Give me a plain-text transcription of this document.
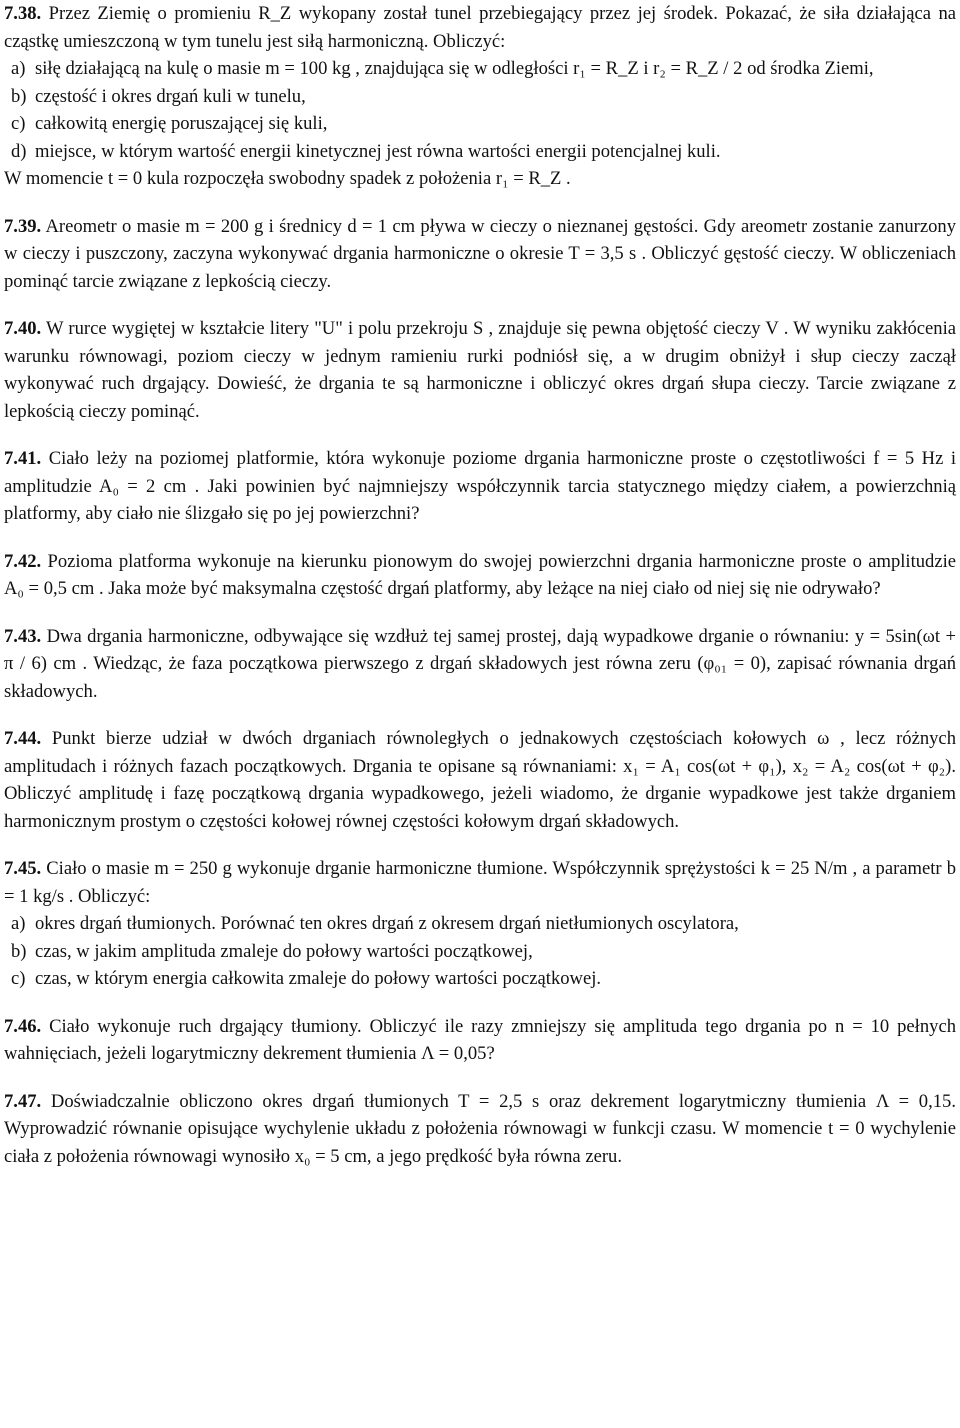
7.38. Przez Ziemię o promieniu R_Z wykopany został tunel przebiegający przez jej środek. Pokazać, że siła działająca na cząstkę umieszczoną w tym tunelu jest siłą harmoniczną. Obliczyć:

a) siłę działającą na kulę o masie m = 100 kg , znajdująca się w odległości r₁ = R_Z i r₂ = R_Z / 2 od środka Ziemi,
b) częstość i okres drgań kuli w tunelu,
c) całkowitą energię poruszającej się kuli,
d) miejsce, w którym wartość energii kinetycznej jest równa wartości energii potencjalnej kuli.

W momencie t = 0 kula rozpoczęła swobodny spadek z położenia r₁ = R_Z .

7.39. Areometr o masie m = 200 g i średnicy d = 1 cm pływa w cieczy o nieznanej gęstości. Gdy areometr zostanie zanurzony w cieczy i puszczony, zaczyna wykonywać drgania harmoniczne o okresie T = 3,5 s . Obliczyć gęstość cieczy. W obliczeniach pominąć tarcie związane z lepkością cieczy.

7.40. W rurce wygiętej w kształcie litery "U" i polu przekroju S , znajduje się pewna objętość cieczy V . W wyniku zakłócenia warunku równowagi, poziom cieczy w jednym ramieniu rurki podniósł się, a w drugim obniżył i słup cieczy zaczął wykonywać ruch drgający. Dowieść, że drgania te są harmoniczne i obliczyć okres drgań słupa cieczy. Tarcie związane z lepkością cieczy pominąć.

7.41. Ciało leży na poziomej platformie, która wykonuje poziome drgania harmoniczne proste o częstotliwości f = 5 Hz i amplitudzie A₀ = 2 cm . Jaki powinien być najmniejszy współczynnik tarcia statycznego między ciałem, a powierzchnią platformy, aby ciało nie ślizgało się po jej powierzchni?

7.42. Pozioma platforma wykonuje na kierunku pionowym do swojej powierzchni drgania harmoniczne proste o amplitudzie A₀ = 0,5 cm . Jaka może być maksymalna częstość drgań platformy, aby leżące na niej ciało od niej się nie odrywało?

7.43. Dwa drgania harmoniczne, odbywające się wzdłuż tej samej prostej, dają wypadkowe drganie o równaniu: y = 5sin(ωt + π / 6) cm . Wiedząc, że faza początkowa pierwszego z drgań składowych jest równa zeru (φ₀₁ = 0), zapisać równania drgań składowych.

7.44. Punkt bierze udział w dwóch drganiach równoległych o jednakowych częstościach kołowych ω , lecz różnych amplitudach i różnych fazach początkowych. Drgania te opisane są równaniami: x₁ = A₁ cos(ωt + φ₁), x₂ = A₂ cos(ωt + φ₂). Obliczyć amplitudę i fazę początkową drgania wypadkowego, jeżeli wiadomo, że drganie wypadkowe jest także drganiem harmonicznym prostym o częstości kołowej równej częstości kołowym drgań składowych.

7.45. Ciało o masie m = 250 g wykonuje drganie harmoniczne tłumione. Współczynnik sprężystości k = 25 N/m , a parametr b = 1 kg/s . Obliczyć:

a) okres drgań tłumionych. Porównać ten okres drgań z okresem drgań nietłumionych oscylatora,
b) czas, w jakim amplituda zmaleje do połowy wartości początkowej,
c) czas, w którym energia całkowita zmaleje do połowy wartości początkowej.

7.46. Ciało wykonuje ruch drgający tłumiony. Obliczyć ile razy zmniejszy się amplituda tego drgania po n = 10 pełnych wahnięciach, jeżeli logarytmiczny dekrement tłumienia Λ = 0,05?

7.47. Doświadczalnie obliczono okres drgań tłumionych T = 2,5 s oraz dekrement logarytmiczny tłumienia Λ = 0,15. Wyprowadzić równanie opisujące wychylenie układu z położenia równowagi w funkcji czasu. W momencie t = 0 wychylenie ciała z położenia równowagi wynosiło x₀ = 5 cm, a jego prędkość była równa zeru.
